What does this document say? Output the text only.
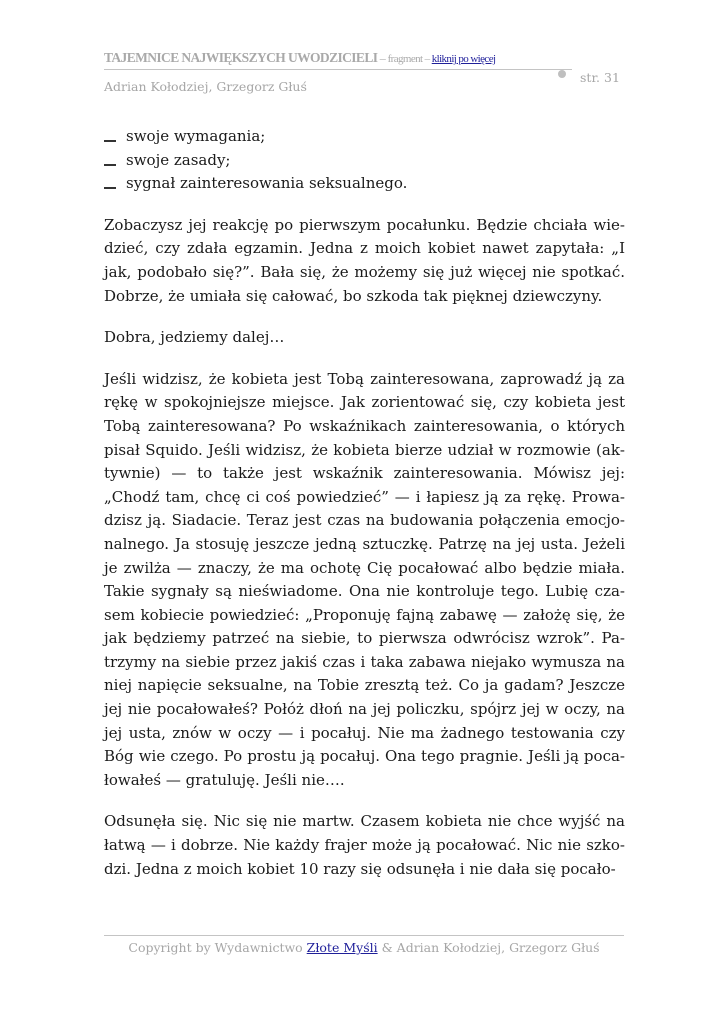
TAJEMNICE NAJWIĘKSZYCH UWODZICIELI – fragment – kliknij po więcej
str. 31
Adrian Kołodziej, Grzegorz Głuś
swoje wymagania;
swoje zasady;
sygnał zainteresowania seksualnego.

Zobaczysz jej reakcję po pierwszym pocałunku. Będzie chciała wiedzieć, czy zdała egzamin. Jedna z moich kobiet nawet zapytała: „I jak, podobało się?”. Bała się, że możemy się już więcej nie spotkać. Dobrze, że umiała się całować, bo szkoda tak pięknej dziewczyny.

Dobra, jedziemy dalej…

Jeśli widzisz, że kobieta jest Tobą zainteresowana, zaprowadź ją za rękę w spokojniejsze miejsce. Jak zorientować się, czy kobieta jest Tobą zainteresowana? Po wskaźnikach zainteresowania, o których pisał Squido. Jeśli widzisz, że kobieta bierze udział w rozmowie (aktywnie) — to także jest wskaźnik zainteresowania. Mówisz jej: „Chodź tam, chcę ci coś powiedzieć” — i łapiesz ją za rękę. Prowadzisz ją. Siadacie. Teraz jest czas na budowania połączenia emocjonalnego. Ja stosuję jeszcze jedną sztuczkę. Patrzę na jej usta. Jeżeli je zwilża — znaczy, że ma ochotę Cię pocałować albo będzie miała. Takie sygnały są nieświadome. Ona nie kontroluje tego. Lubię czasem kobiecie powiedzieć: „Proponuję fajną zabawę — założę się, że jak będziemy patrzeć na siebie, to pierwsza odwrócisz wzrok”. Patrzymy na siebie przez jakiś czas i taka zabawa niejako wymusza na niej napięcie seksualne, na Tobie zresztą też. Co ja gadam? Jeszcze jej nie pocałowałeś? Połóż dłoń na jej policzku, spójrz jej w oczy, na jej usta, znów w oczy — i pocałuj. Nie ma żadnego testowania czy Bóg wie czego. Po prostu ją pocałuj. Ona tego pragnie. Jeśli ją pocałowałeś — gratuluję. Jeśli nie….

Odsunęła się. Nic się nie martw. Czasem kobieta nie chce wyjść na łatwą — i dobrze. Nie każdy frajer może ją pocałować. Nic nie szkodzi. Jedna z moich kobiet 10 razy się odsunęła i nie dała się pocało-

Copyright by Wydawnictwo Złote Myśli & Adrian Kołodziej, Grzegorz Głuś
